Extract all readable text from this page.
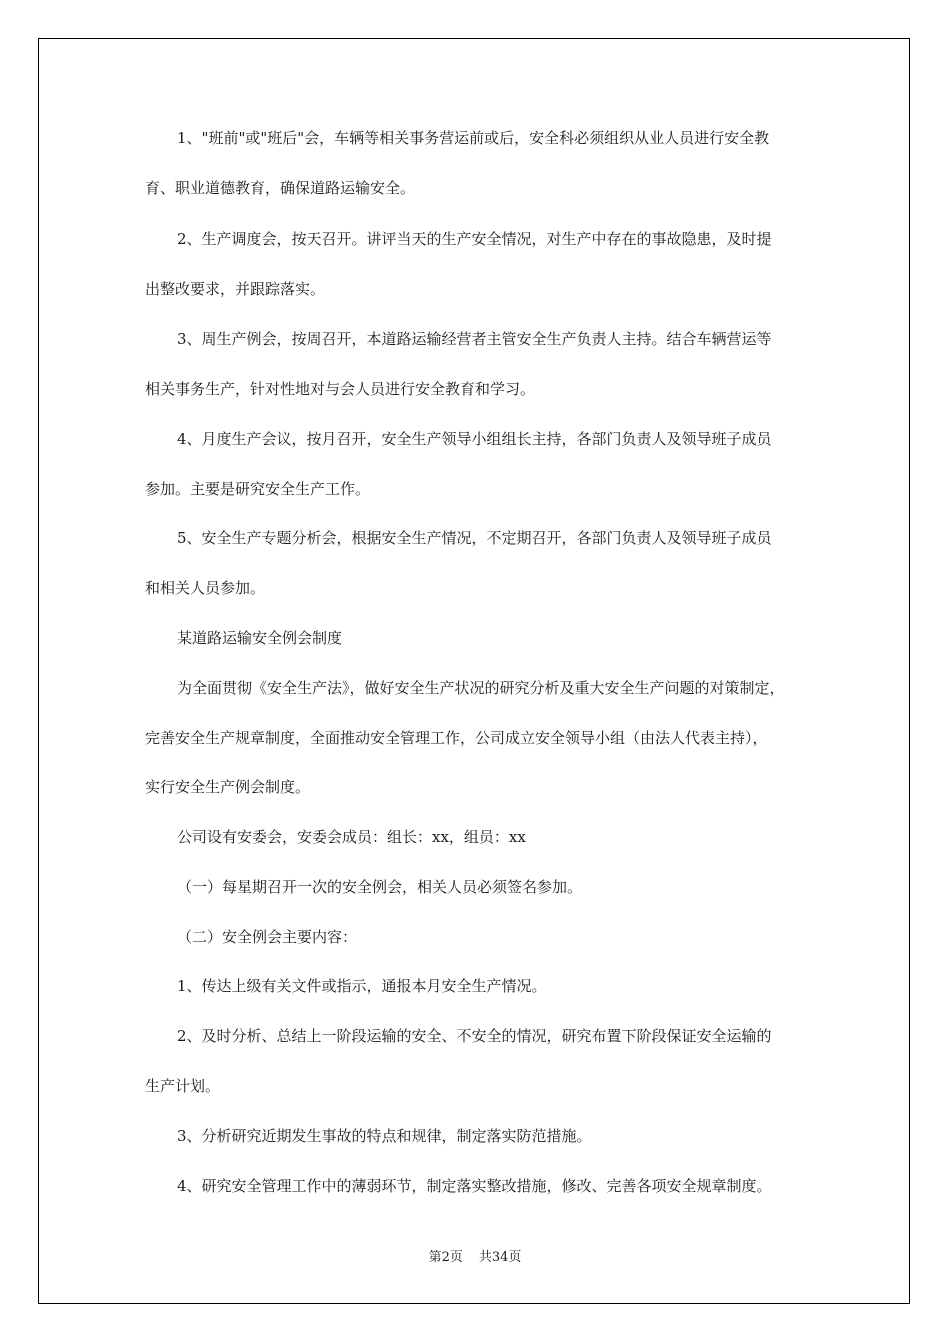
1、"班前"或"班后"会，车辆等相关事务营运前或后，安全科必须组织从业人员进行安全教
育、职业道德教育，确保道路运输安全。
2、生产调度会，按天召开。讲评当天的生产安全情况，对生产中存在的事故隐患，及时提
出整改要求，并跟踪落实。
3、周生产例会，按周召开，本道路运输经营者主管安全生产负责人主持。结合车辆营运等
相关事务生产，针对性地对与会人员进行安全教育和学习。
4、月度生产会议，按月召开，安全生产领导小组组长主持，各部门负责人及领导班子成员
参加。主要是研究安全生产工作。
5、安全生产专题分析会，根据安全生产情况，不定期召开，各部门负责人及领导班子成员
和相关人员参加。
某道路运输安全例会制度
为全面贯彻《安全生产法》，做好安全生产状况的研究分析及重大安全生产问题的对策制定，
完善安全生产规章制度，全面推动安全管理工作，公司成立安全领导小组（由法人代表主持），
实行安全生产例会制度。
公司设有安委会，安委会成员：组长：xx，组员：xx
（一）每星期召开一次的安全例会，相关人员必须签名参加。
（二）安全例会主要内容：
1、传达上级有关文件或指示，通报本月安全生产情况。
2、及时分析、总结上一阶段运输的安全、不安全的情况，研究布置下阶段保证安全运输的
生产计划。
3、分析研究近期发生事故的特点和规律，制定落实防范措施。
4、研究安全管理工作中的薄弱环节，制定落实整改措施，修改、完善各项安全规章制度。
第2页 共34页
